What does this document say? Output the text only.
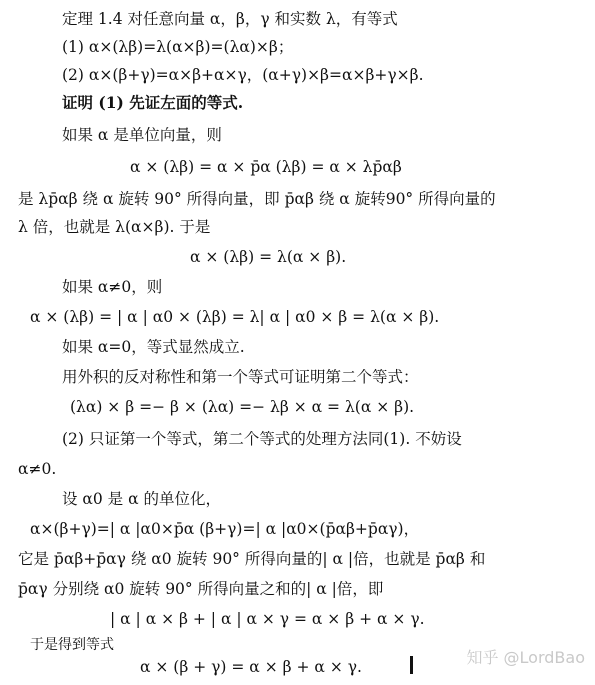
定理 1.4 对任意向量 α，β，γ 和实数 λ，有等式
(1) α×(λβ)=λ(α×β)=(λα)×β；
(2) α×(β+γ)=α×β+α×γ，(α+γ)×β=α×β+γ×β.
证明 (1) 先证左面的等式.
如果 α 是单位向量，则
α × (λβ) = α × p̄α (λβ) = α × λp̄αβ
是 λp̄αβ 绕 α 旋转 90° 所得向量，即 p̄αβ 绕 α 旋转90° 所得向量的
λ 倍，也就是 λ(α×β). 于是
α × (λβ) = λ(α × β).
如果 α≠0，则
α × (λβ) = | α | α0 × (λβ) = λ| α | α0 × β = λ(α × β).
如果 α=0，等式显然成立.
用外积的反对称性和第一个等式可证明第二个等式：
(λα) × β =− β × (λα) =− λβ × α = λ(α × β).
(2) 只证第一个等式，第二个等式的处理方法同(1). 不妨设
α≠0.
设 α0 是 α 的单位化，
α×(β+γ)=| α |α0×p̄α (β+γ)=| α |α0×(p̄αβ+p̄αγ)，
它是 p̄αβ+p̄αγ 绕 α0 旋转 90° 所得向量的| α |倍，也就是 p̄αβ 和
p̄αγ 分别绕 α0 旋转 90° 所得向量之和的| α |倍，即
| α | α × β + | α | α × γ = α × β + α × γ.
于是得到等式
α × (β + γ) = α × β + α × γ.	知乎 @LordBao
